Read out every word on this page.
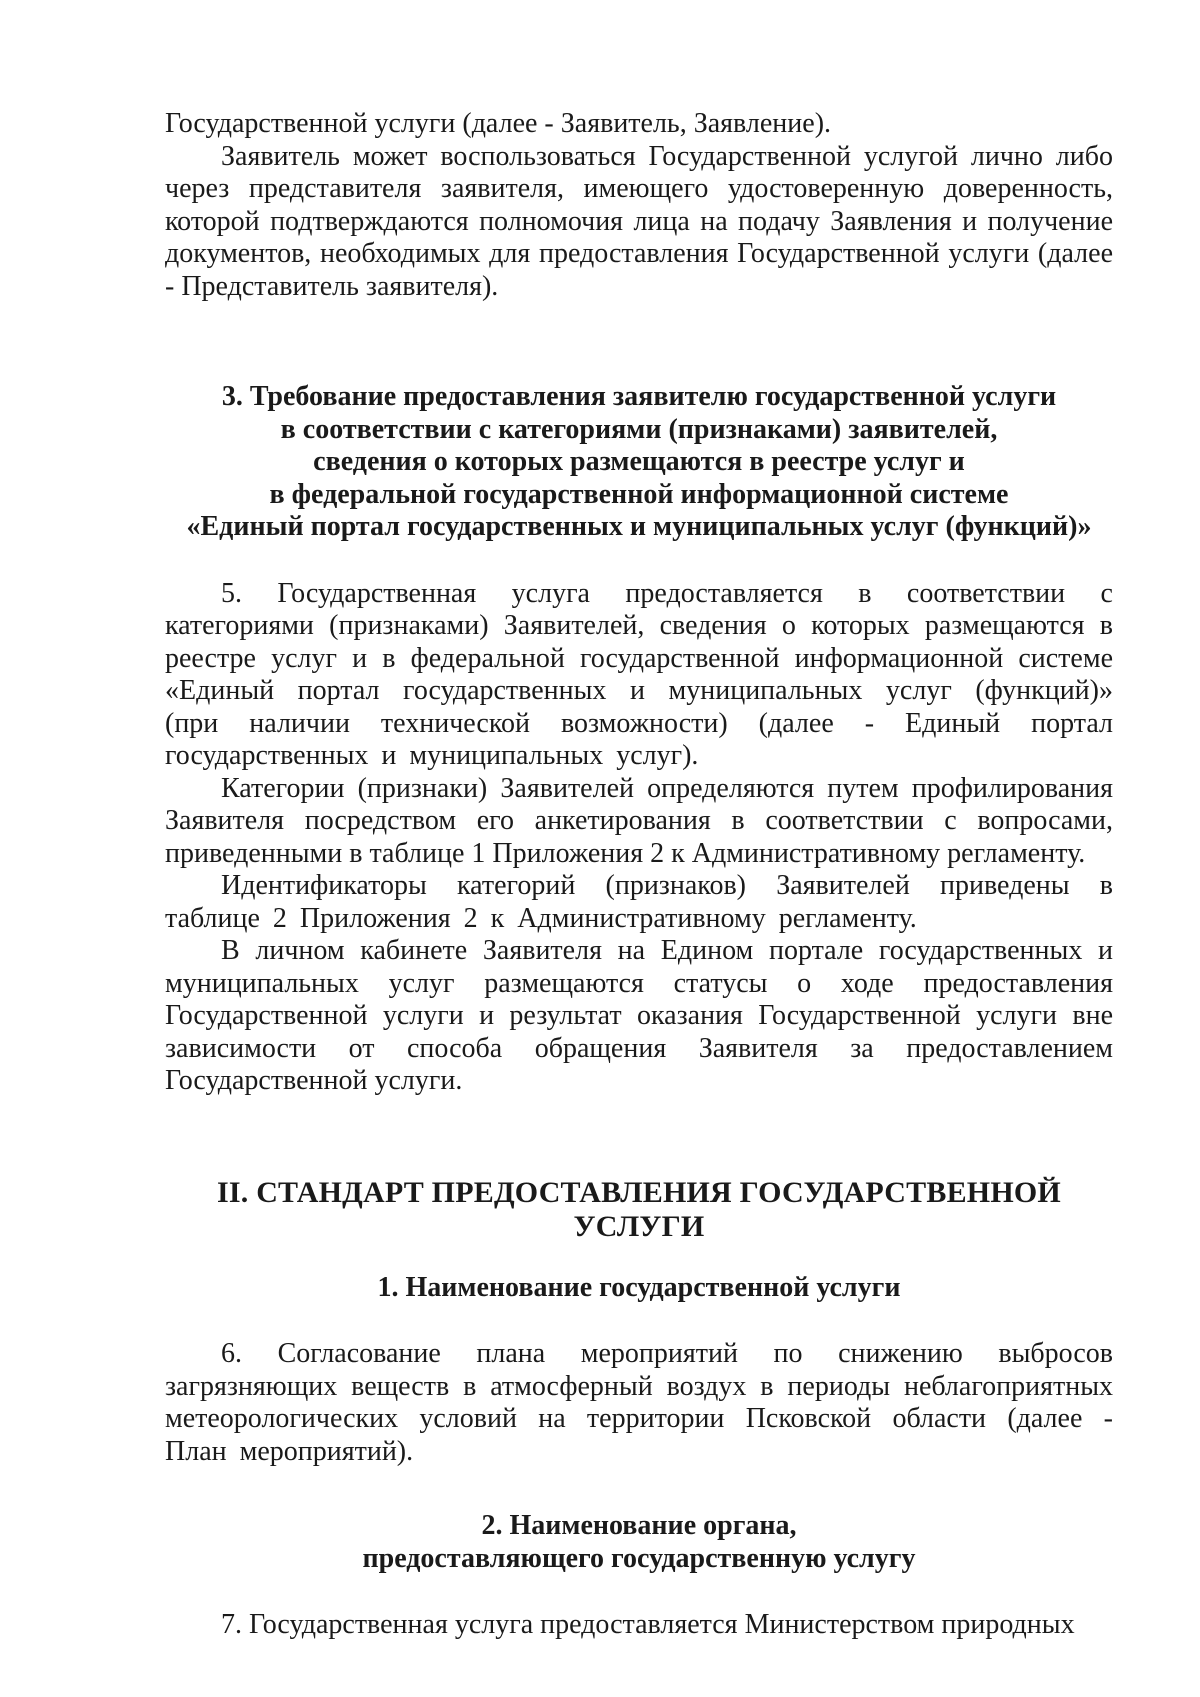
Государственной услуги (далее - Заявитель, Заявление).

Заявитель может воспользоваться Государственной услугой лично либо через представителя заявителя, имеющего удостоверенную доверенность, которой подтверждаются полномочия лица на подачу Заявления и получение документов, необходимых для предоставления Государственной услуги (далее - Представитель заявителя).

3. Требование предоставления заявителю государственной услуги

в соответствии с категориями (признаками) заявителей,

сведения о которых размещаются в реестре услуг и

в федеральной государственной информационной системе

«Единый портал государственных и муниципальных услуг (функций)»

5. Государственная услуга предоставляется в соответствии с категориями (признаками) Заявителей, сведения о которых размещаются в реестре услуг и в федеральной государственной информационной системе «Единый портал государственных и муниципальных услуг (функций)» (при наличии технической возможности) (далее - Единый портал государственных и муниципальных услуг).

Категории (признаки) Заявителей определяются путем профилирования Заявителя посредством его анкетирования в соответствии с вопросами, приведенными в таблице 1 Приложения 2 к Административному регламенту.

Идентификаторы категорий (признаков) Заявителей приведены в таблице 2 Приложения 2 к Административному регламенту.

В личном кабинете Заявителя на Едином портале государственных и муниципальных услуг размещаются статусы о ходе предоставления Государственной услуги и результат оказания Государственной услуги вне зависимости от способа обращения Заявителя за предоставлением Государственной услуги.

II. СТАНДАРТ ПРЕДОСТАВЛЕНИЯ ГОСУДАРСТВЕННОЙ УСЛУГИ

1. Наименование государственной услуги

6. Согласование плана мероприятий по снижению выбросов загрязняющих веществ в атмосферный воздух в периоды неблагоприятных метеорологических условий на территории Псковской области (далее - План мероприятий).

2. Наименование органа,

предоставляющего государственную услугу

7. Государственная услуга предоставляется Министерством природных
